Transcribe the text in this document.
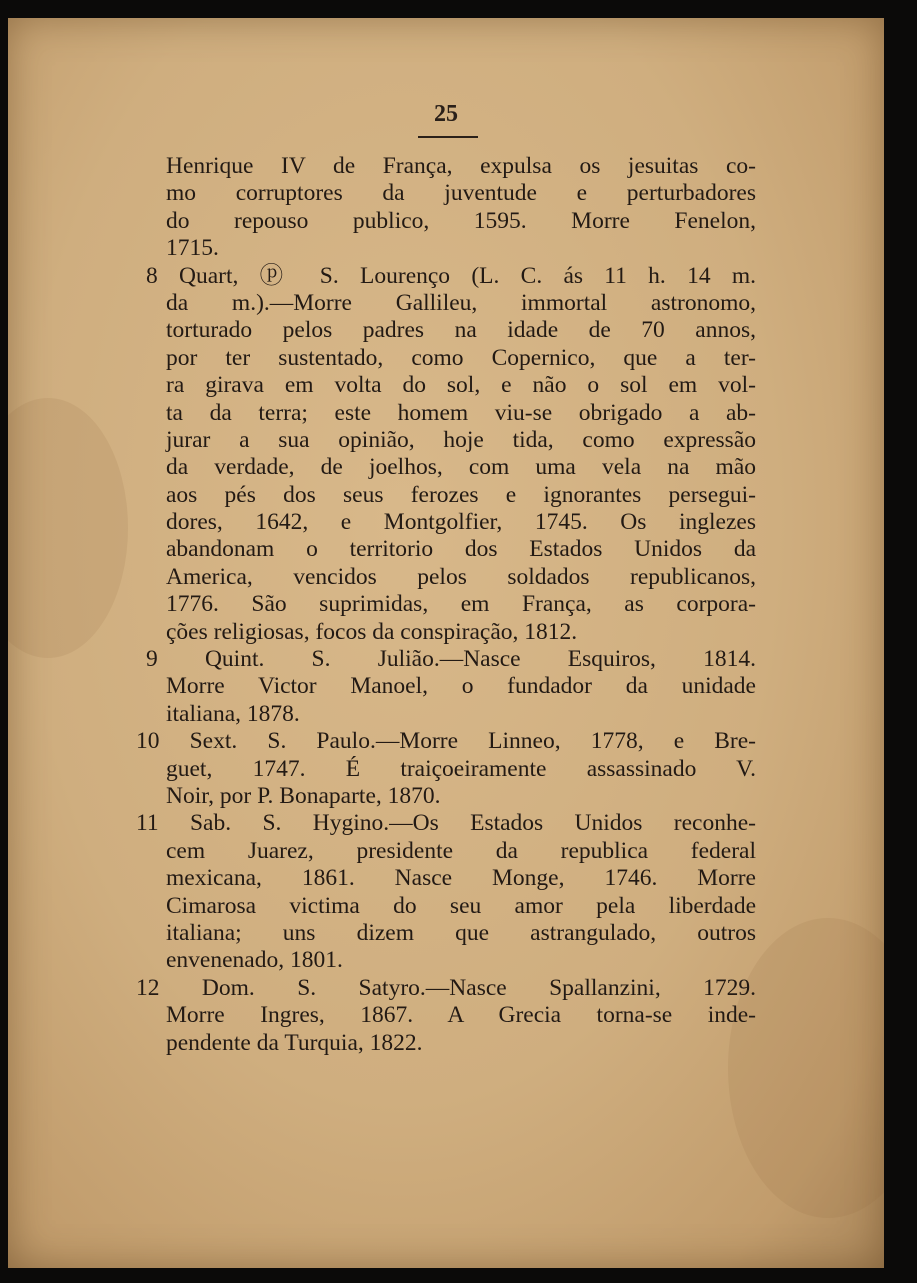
25
Henrique IV de França, expulsa os jesuitas co-
mo corruptores da juventude e perturbadores
do repouso publico, 1595. Morre Fenelon,
1715.
8 Quart, ⓟ S. Lourenço (L. C. ás 11 h. 14 m.
da m.).—Morre Gallileu, immortal astronomo,
torturado pelos padres na idade de 70 annos,
por ter sustentado, como Copernico, que a ter-
ra girava em volta do sol, e não o sol em vol-
ta da terra; este homem viu-se obrigado a ab-
jurar a sua opinião, hoje tida, como expressão
da verdade, de joelhos, com uma vela na mão
aos pés dos seus ferozes e ignorantes persegui-
dores, 1642, e Montgolfier, 1745. Os inglezes
abandonam o territorio dos Estados Unidos da
America, vencidos pelos soldados republicanos,
1776. São suprimidas, em França, as corpora-
ções religiosas, focos da conspiração, 1812.
9 Quint. S. Julião.—Nasce Esquiros, 1814.
Morre Victor Manoel, o fundador da unidade
italiana, 1878.
10 Sext. S. Paulo.—Morre Linneo, 1778, e Bre-
guet, 1747. É traiçoeiramente assassinado V.
Noir, por P. Bonaparte, 1870.
11 Sab. S. Hygino.—Os Estados Unidos reconhe-
cem Juarez, presidente da republica federal
mexicana, 1861. Nasce Monge, 1746. Morre
Cimarosa victima do seu amor pela liberdade
italiana; uns dizem que astrangulado, outros
envenenado, 1801.
12 Dom. S. Satyro.—Nasce Spallanzini, 1729.
Morre Ingres, 1867. A Grecia torna-se inde-
pendente da Turquia, 1822.
